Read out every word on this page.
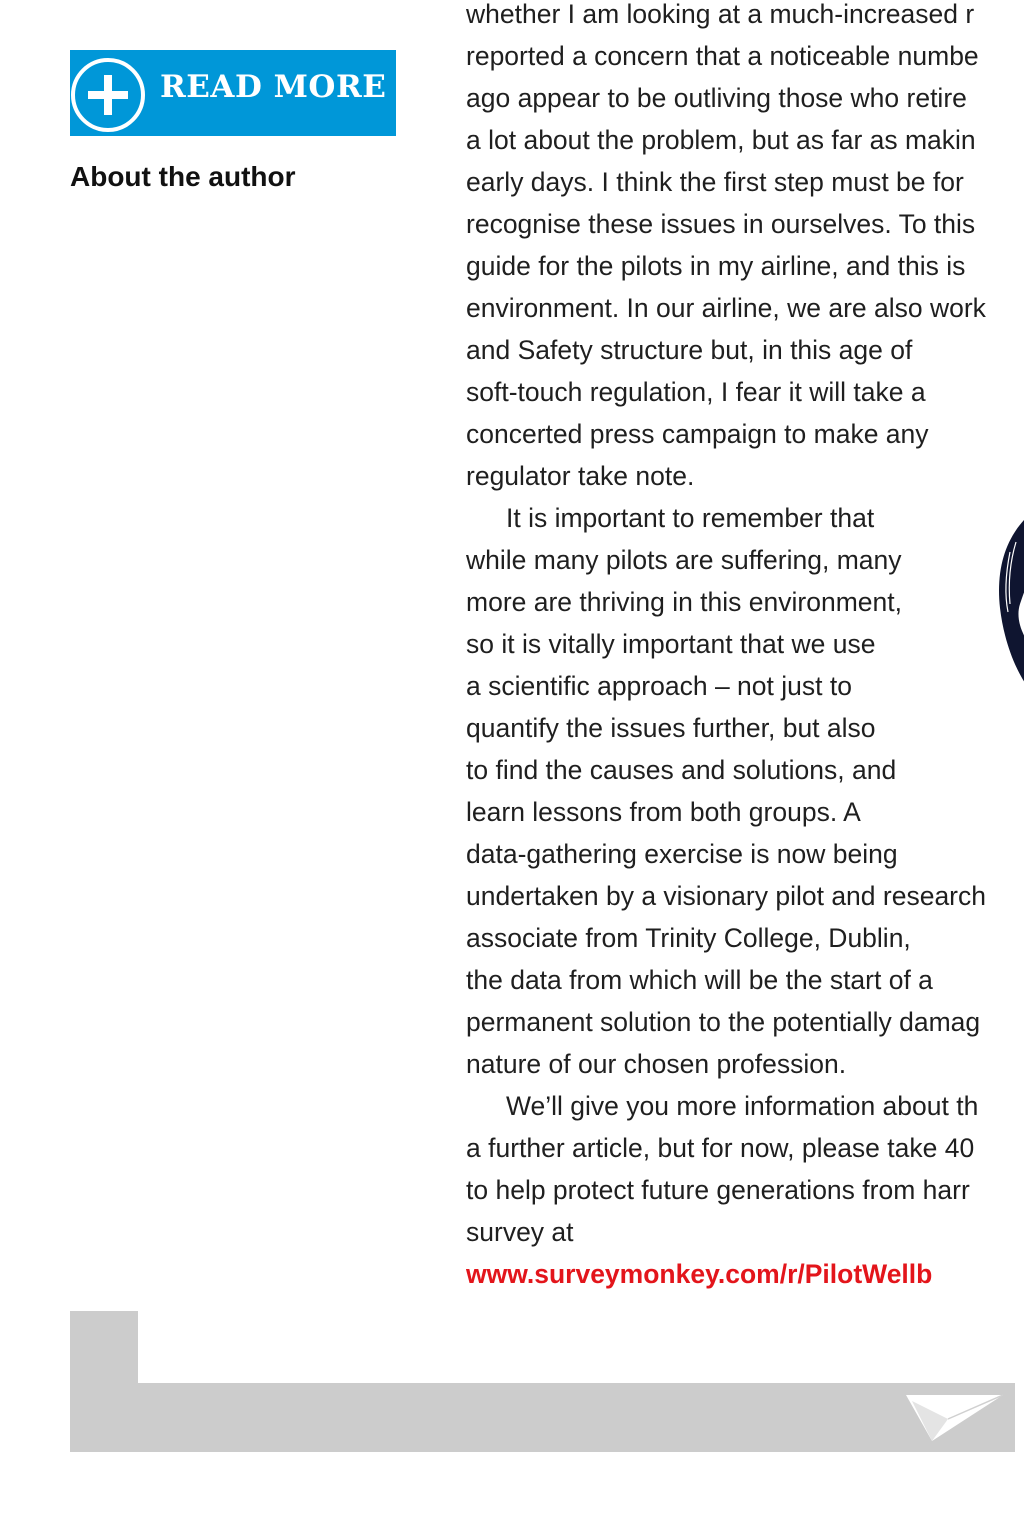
READ MORE
About the author
whether I am looking at a much-increased r
reported a concern that a noticeable numbe
ago appear to be outliving those who retire
a lot about the problem, but as far as makin
early days. I think the first step must be for
recognise these issues in ourselves. To this
guide for the pilots in my airline, and this is
environment. In our airline, we are also work
and Safety structure but, in this age of
soft-touch regulation, I fear it will take a
concerted press campaign to make any
regulator take note.
It is important to remember that
while many pilots are suffering, many
more are thriving in this environment,
so it is vitally important that we use
a scientific approach – not just to
quantify the issues further, but also
to find the causes and solutions, and
learn lessons from both groups. A
data-gathering exercise is now being
undertaken by a visionary pilot and research
associate from Trinity College, Dublin,
the data from which will be the start of a
permanent solution to the potentially damag
nature of our chosen profession.
We’ll give you more information about th
a further article, but for now, please take 40
to help protect future generations from harr
survey at
www.surveymonkey.com/r/PilotWellb
